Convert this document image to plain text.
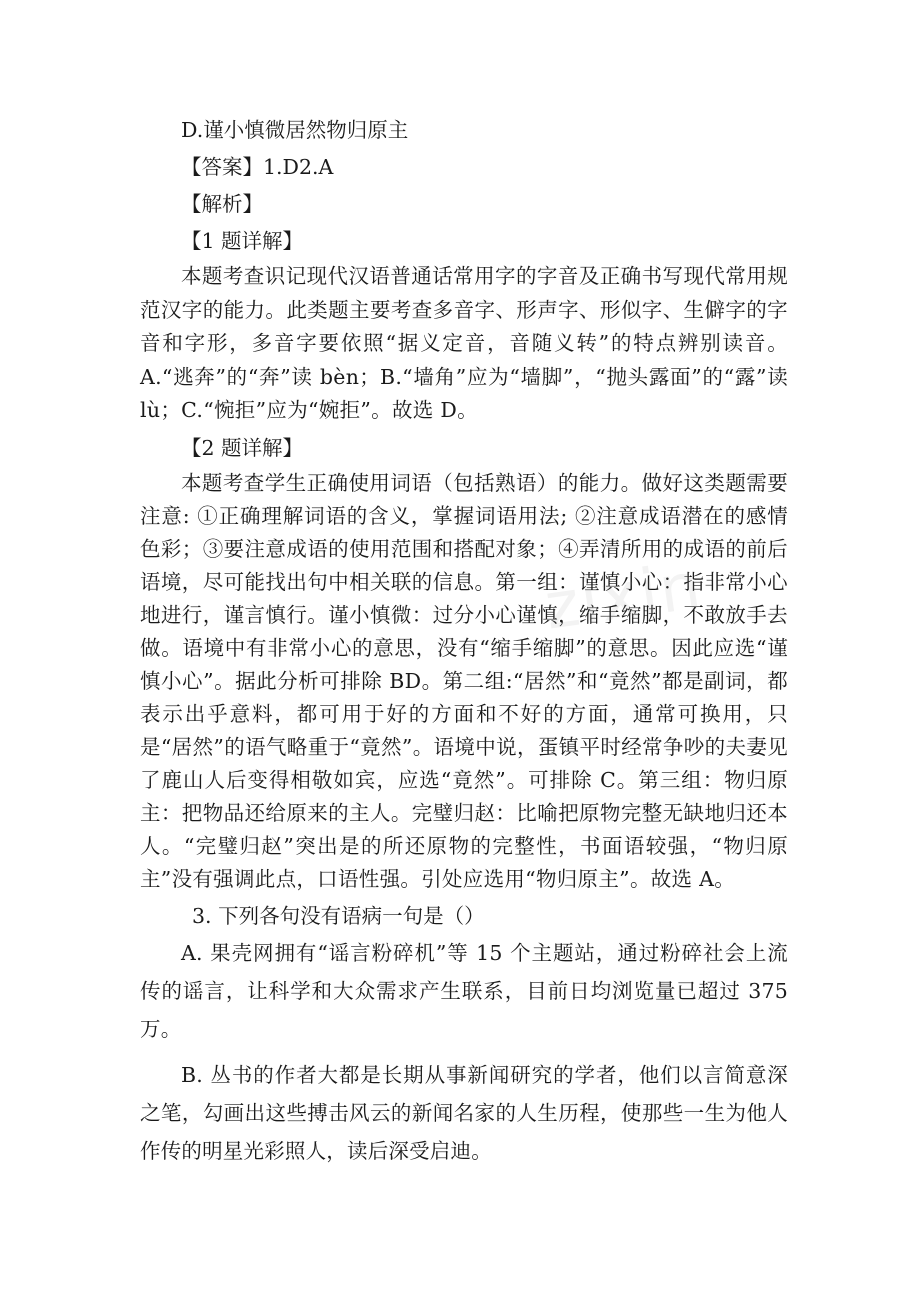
D.谨小慎微居然物归原主
【答案】1.D2.A
【解析】
【1 题详解】
本题考查识记现代汉语普通话常用字的字音及正确书写现代常用规范汉字的能力。此类题主要考查多音字、形声字、形似字、生僻字的字音和字形，多音字要依照“据义定音，音随义转”的特点辨别读音。A.“逃奔”的“奔”读 bèn；B.“墙角”应为“墙脚”，“抛头露面”的“露”读 lù；C.“惋拒”应为“婉拒”。故选 D。
【2 题详解】
本题考查学生正确使用词语（包括熟语）的能力。做好这类题需要注意: ①正确理解词语的含义，掌握词语用法; ②注意成语潜在的感情色彩；③要注意成语的使用范围和搭配对象；④弄清所用的成语的前后语境，尽可能找出句中相关联的信息。第一组：谨慎小心：指非常小心地进行，谨言慎行。谨小慎微：过分小心谨慎，缩手缩脚，不敢放手去做。语境中有非常小心的意思，没有“缩手缩脚”的意思。因此应选“谨慎小心”。据此分析可排除 BD。第二组:“居然”和“竟然”都是副词，都表示出乎意料，都可用于好的方面和不好的方面，通常可换用，只是“居然”的语气略重于“竟然”。语境中说，蛋镇平时经常争吵的夫妻见了鹿山人后变得相敬如宾，应选“竟然”。可排除 C。第三组：物归原主：把物品还给原来的主人。完璧归赵：比喻把原物完整无缺地归还本人。“完璧归赵”突出是的所还原物的完整性，书面语较强，“物归原主”没有强调此点，口语性强。引处应选用“物归原主”。故选 A。
3. 下列各句没有语病一句是（）
A. 果壳网拥有“谣言粉碎机”等 15 个主题站，通过粉碎社会上流传的谣言，让科学和大众需求产生联系，目前日均浏览量已超过 375 万。
B. 丛书的作者大都是长期从事新闻研究的学者，他们以言简意深之笔，勾画出这些搏击风云的新闻名家的人生历程，使那些一生为他人作传的明星光彩照人，读后深受启迪。
zixin
